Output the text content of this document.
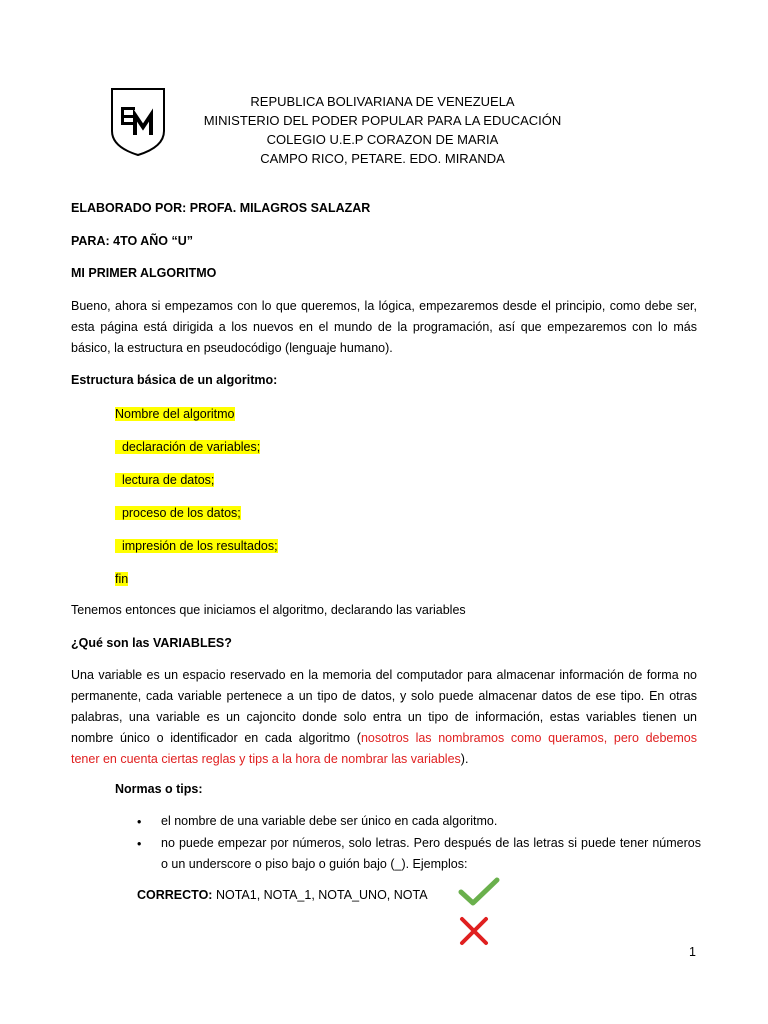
REPUBLICA BOLIVARIANA DE VENEZUELA
MINISTERIO DEL PODER POPULAR PARA LA EDUCACIÓN
COLEGIO U.E.P CORAZON DE MARIA
CAMPO RICO, PETARE. EDO. MIRANDA
ELABORADO POR: PROFA. MILAGROS SALAZAR
PARA: 4TO AÑO “U”
MI PRIMER ALGORITMO
Bueno, ahora si empezamos con lo que queremos, la lógica, empezaremos desde el principio, como debe ser,
esta página está dirigida a los nuevos en el mundo de la programación, así que empezaremos con lo más
básico, la estructura en pseudocódigo (lenguaje humano).
Estructura básica de un algoritmo:
Nombre del algoritmo
declaración de variables;
lectura de datos;
proceso de los datos;
impresión de los resultados;
fin
Tenemos entonces que iniciamos el algoritmo, declarando las variables
¿Qué son las VARIABLES?
Una variable es un espacio reservado en la memoria del computador para almacenar información de forma no
permanente, cada variable pertenece a un tipo de datos, y solo puede almacenar datos de ese tipo. En otras
palabras, una variable es un cajoncito donde solo entra un tipo de información, estas variables tienen un
nombre único o identificador en cada algoritmo (nosotros las nombramos como queramos, pero debemos
tener en cuenta ciertas reglas y tips a la hora de nombrar las variables).
Normas o tips:
• el nombre de una variable debe ser único en cada algoritmo.
• no puede empezar por números, solo letras. Pero después de las letras si puede tener números
o un underscore o piso bajo o guión bajo (_). Ejemplos:
CORRECTO: NOTA1, NOTA_1, NOTA_UNO, NOTA
1
